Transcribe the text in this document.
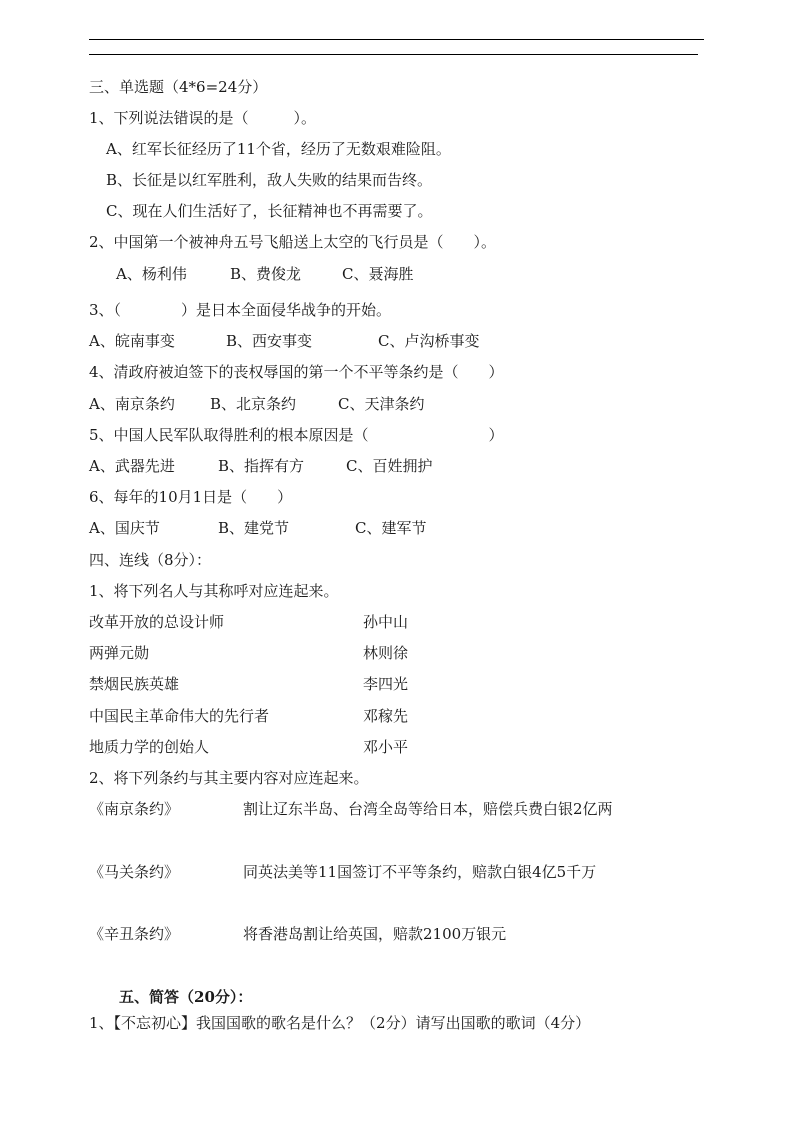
三、单选题（4*6=24分）
1、下列说法错误的是（　　　）。
A、红军长征经历了11个省，经历了无数艰难险阻。
B、长征是以红军胜利，敌人失败的结果而告终。
C、现在人们生活好了，长征精神也不再需要了。
2、中国第一个被神舟五号飞船送上太空的飞行员是（　　）。
A、杨利伟	B、费俊龙	C、聂海胜
3、（　　　　）是日本全面侵华战争的开始。
A、皖南事变	B、西安事变	C、卢沟桥事变
4、清政府被迫签下的丧权辱国的第一个不平等条约是（　　）
A、南京条约 B、北京条约	C、天津条约
5、中国人民军队取得胜利的根本原因是（　　　　　　　　）
A、武器先进	B、指挥有方	C、百姓拥护
6、每年的10月1日是（　　）
A、国庆节	B、建党节	C、建军节
四、连线（8分）：
1、将下列名人与其称呼对应连起来。
改革开放的总设计师	孙中山
两弹元勋	林则徐
禁烟民族英雄	李四光
中国民主革命伟大的先行者	邓稼先
地质力学的创始人	邓小平
2、将下列条约与其主要内容对应连起来。
《南京条约》	割让辽东半岛、台湾全岛等给日本，赔偿兵费白银2亿两
《马关条约》	同英法美等11国签订不平等条约，赔款白银4亿5千万
《辛丑条约》	将香港岛割让给英国，赔款2100万银元
五、简答（20分）：
1、【不忘初心】我国国歌的歌名是什么？（2分）请写出国歌的歌词（4分）
